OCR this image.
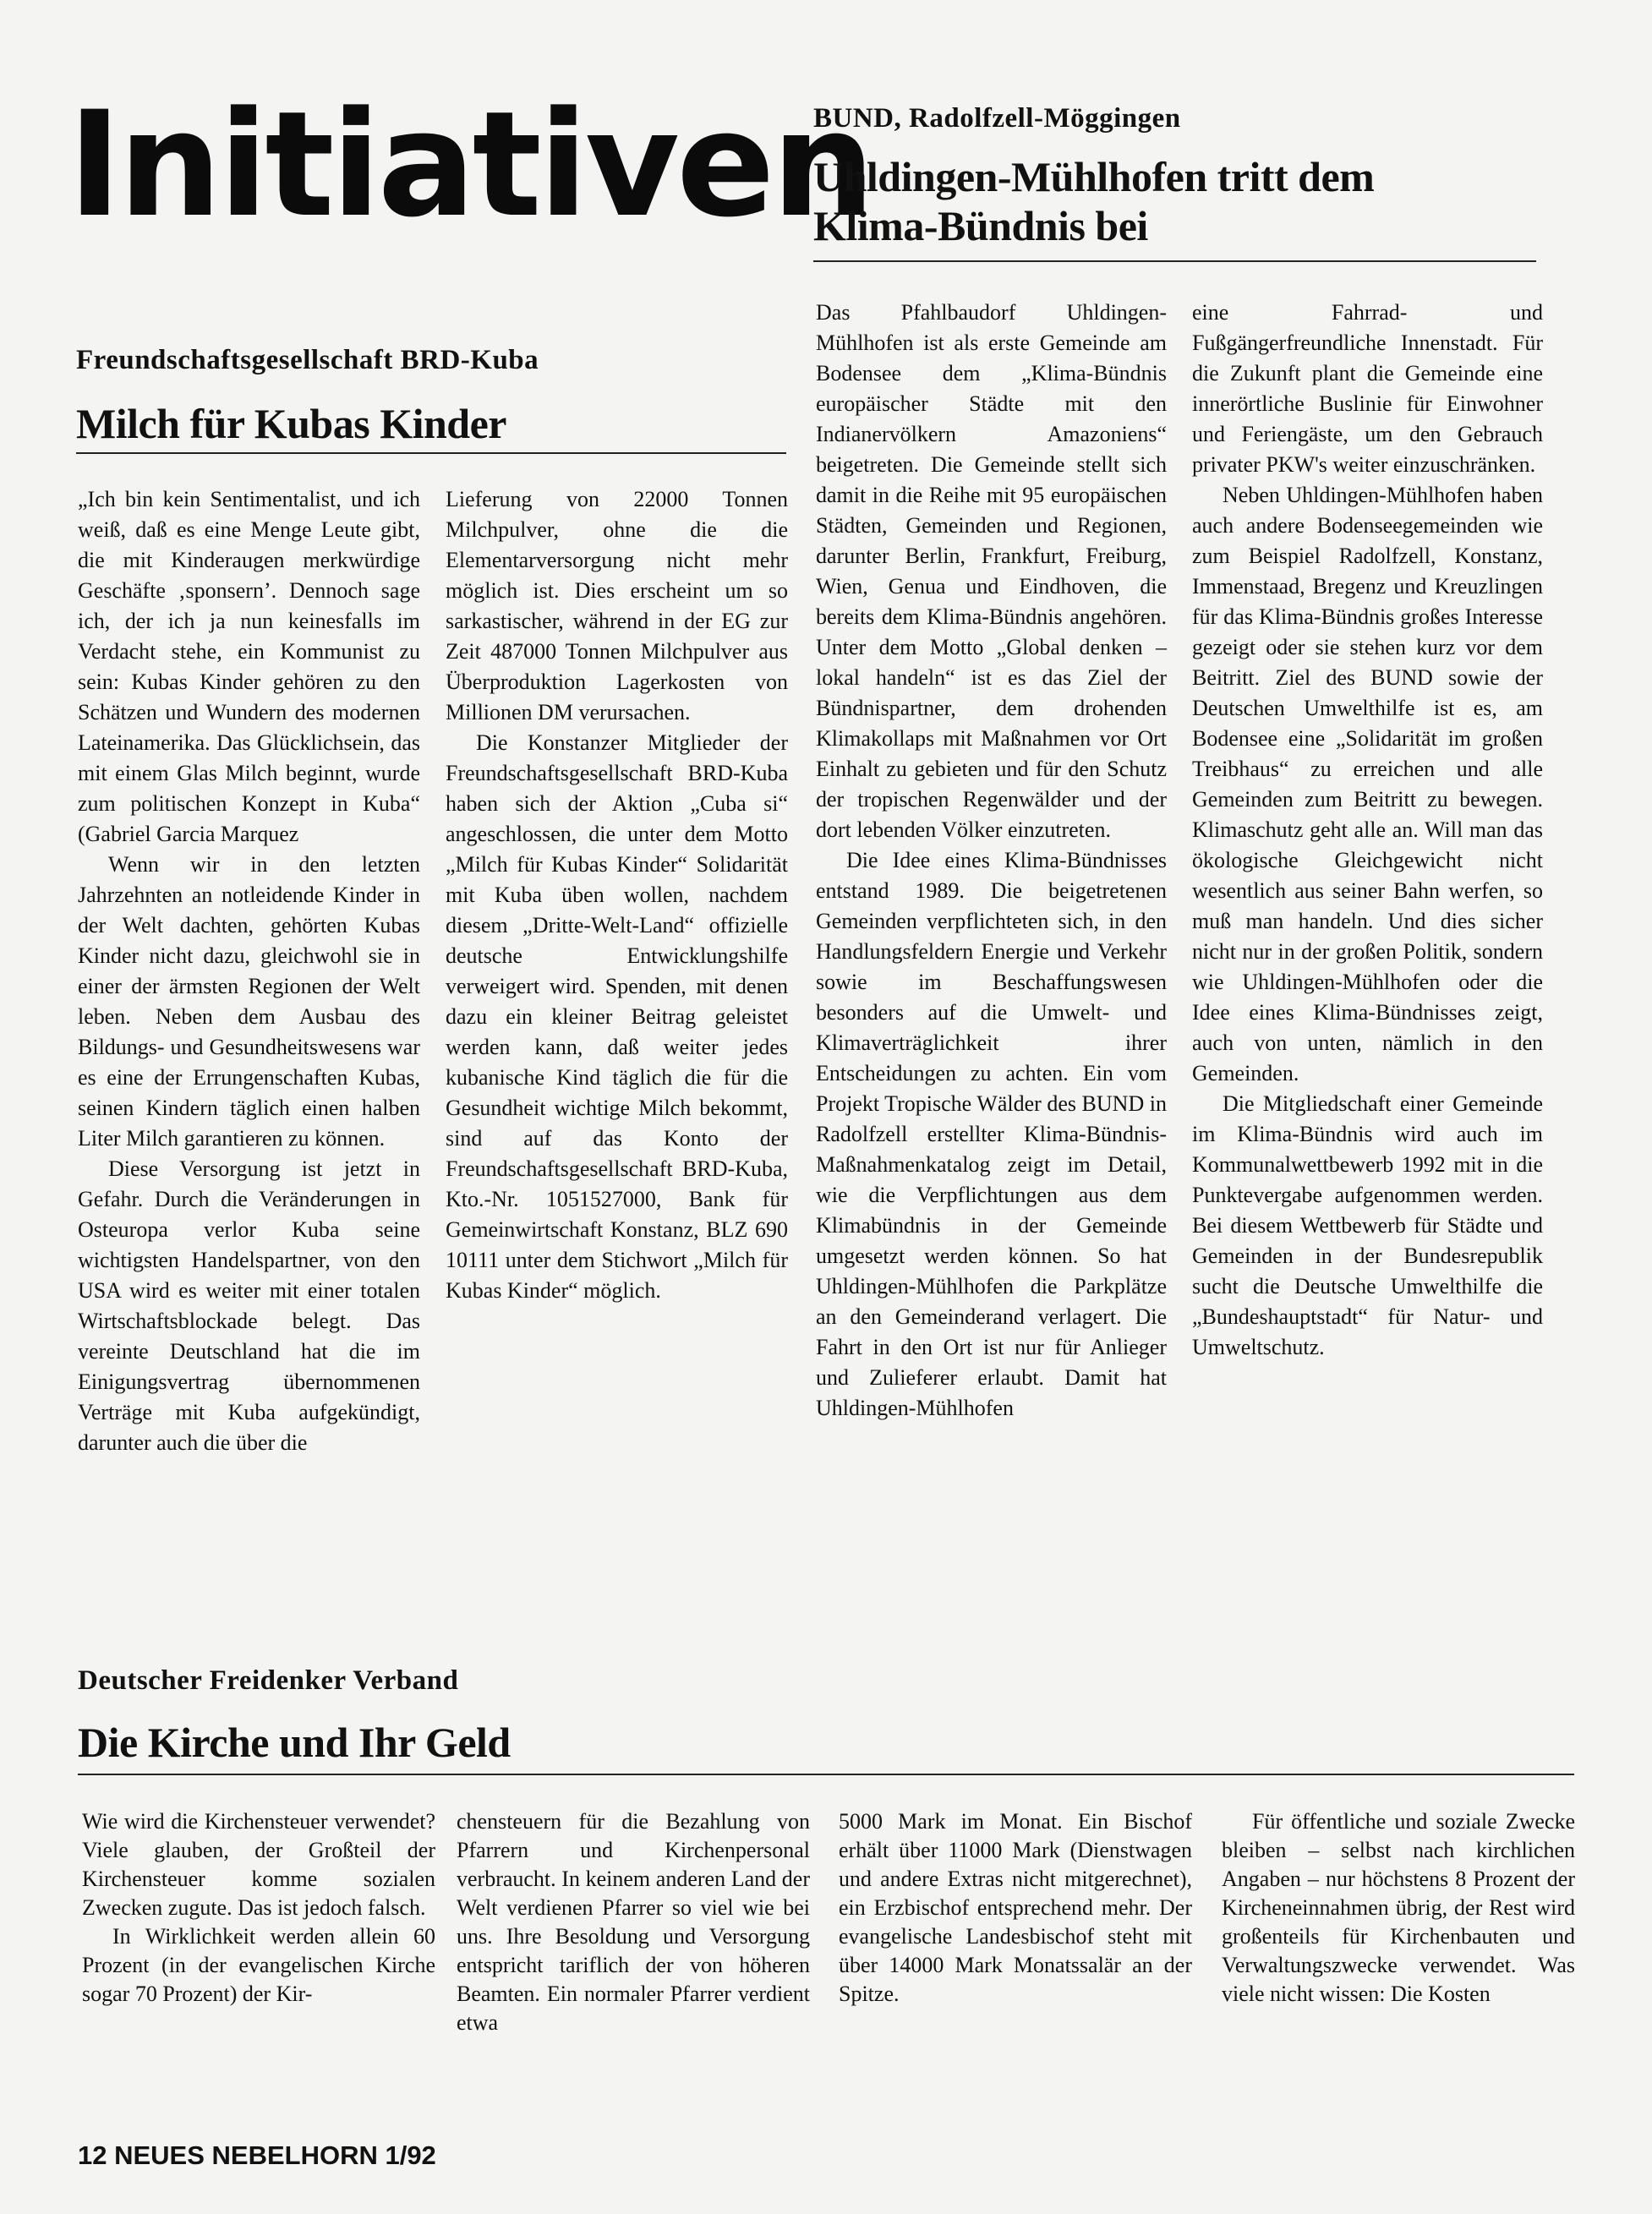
Initiativen
BUND, Radolfzell-Möggingen
Uhldingen-Mühlhofen tritt dem
Klima-Bündnis bei

Das Pfahlbaudorf Uhldingen-Mühlhofen ist als erste Gemeinde am Bodensee dem „Klima-Bündnis europäischer Städte mit den Indianervölkern Amazoniens“ beigetreten. Die Gemeinde stellt sich damit in die Reihe mit 95 europäischen Städten, Gemeinden und Regionen, darunter Berlin, Frankfurt, Freiburg, Wien, Genua und Eindhoven, die bereits dem Klima-Bündnis angehören. Unter dem Motto „Global denken – lokal handeln“ ist es das Ziel der Bündnispartner, dem drohenden Klimakollaps mit Maßnahmen vor Ort Einhalt zu gebieten und für den Schutz der tropischen Regenwälder und der dort lebenden Völker einzutreten.

Die Idee eines Klima-Bündnisses entstand 1989. Die beigetretenen Gemeinden verpflichteten sich, in den Handlungsfeldern Energie und Verkehr sowie im Beschaffungswesen besonders auf die Umwelt- und Klimaverträglichkeit ihrer Entscheidungen zu achten. Ein vom Projekt Tropische Wälder des BUND in Radolfzell erstellter Klima-Bündnis-Maßnahmenkatalog zeigt im Detail, wie die Verpflichtungen aus dem Klimabündnis in der Gemeinde umgesetzt werden können. So hat Uhldingen-Mühlhofen die Parkplätze an den Gemeinderand verlagert. Die Fahrt in den Ort ist nur für Anlieger und Zulieferer erlaubt. Damit hat Uhldingen-Mühlhofen

eine Fahrrad- und Fußgängerfreundliche Innenstadt. Für die Zukunft plant die Gemeinde eine innerörtliche Buslinie für Einwohner und Feriengäste, um den Gebrauch privater PKW's weiter einzuschränken.

Neben Uhldingen-Mühlhofen haben auch andere Bodenseegemeinden wie zum Beispiel Radolfzell, Konstanz, Immenstaad, Bregenz und Kreuzlingen für das Klima-Bündnis großes Interesse gezeigt oder sie stehen kurz vor dem Beitritt. Ziel des BUND sowie der Deutschen Umwelthilfe ist es, am Bodensee eine „Solidarität im großen Treibhaus“ zu erreichen und alle Gemeinden zum Beitritt zu bewegen. Klimaschutz geht alle an. Will man das ökologische Gleichgewicht nicht wesentlich aus seiner Bahn werfen, so muß man handeln. Und dies sicher nicht nur in der großen Politik, sondern wie Uhldingen-Mühlhofen oder die Idee eines Klima-Bündnisses zeigt, auch von unten, nämlich in den Gemeinden.

Die Mitgliedschaft einer Gemeinde im Klima-Bündnis wird auch im Kommunalwettbewerb 1992 mit in die Punktevergabe aufgenommen werden. Bei diesem Wettbewerb für Städte und Gemeinden in der Bundesrepublik sucht die Deutsche Umwelthilfe die „Bundeshauptstadt“ für Natur- und Umweltschutz.

Freundschaftsgesellschaft BRD-Kuba
Milch für Kubas Kinder

„Ich bin kein Sentimentalist, und ich weiß, daß es eine Menge Leute gibt, die mit Kinderaugen merkwürdige Geschäfte ‚sponsern’. Dennoch sage ich, der ich ja nun keinesfalls im Verdacht stehe, ein Kommunist zu sein: Kubas Kinder gehören zu den Schätzen und Wundern des modernen Lateinamerika. Das Glücklichsein, das mit einem Glas Milch beginnt, wurde zum politischen Konzept in Kuba“ (Gabriel Garcia Marquez

Wenn wir in den letzten Jahrzehnten an notleidende Kinder in der Welt dachten, gehörten Kubas Kinder nicht dazu, gleichwohl sie in einer der ärmsten Regionen der Welt leben. Neben dem Ausbau des Bildungs- und Gesundheitswesens war es eine der Errungenschaften Kubas, seinen Kindern täglich einen halben Liter Milch garantieren zu können.

Diese Versorgung ist jetzt in Gefahr. Durch die Veränderungen in Osteuropa verlor Kuba seine wichtigsten Handelspartner, von den USA wird es weiter mit einer totalen Wirtschaftsblockade belegt. Das vereinte Deutschland hat die im Einigungsvertrag übernommenen Verträge mit Kuba aufgekündigt, darunter auch die über die

Lieferung von 22000 Tonnen Milchpulver, ohne die die Elementarversorgung nicht mehr möglich ist. Dies erscheint um so sarkastischer, während in der EG zur Zeit 487000 Tonnen Milchpulver aus Überproduktion Lagerkosten von Millionen DM verursachen.

Die Konstanzer Mitglieder der Freundschaftsgesellschaft BRD-Kuba haben sich der Aktion „Cuba si“ angeschlossen, die unter dem Motto „Milch für Kubas Kinder“ Solidarität mit Kuba üben wollen, nachdem diesem „Dritte-Welt-Land“ offizielle deutsche Entwicklungshilfe verweigert wird. Spenden, mit denen dazu ein kleiner Beitrag geleistet werden kann, daß weiter jedes kubanische Kind täglich die für die Gesundheit wichtige Milch bekommt, sind auf das Konto der Freundschaftsgesellschaft BRD-Kuba, Kto.-Nr. 1051527000, Bank für Gemeinwirtschaft Konstanz, BLZ 690 10111 unter dem Stichwort „Milch für Kubas Kinder“ möglich.

Deutscher Freidenker Verband
Die Kirche und Ihr Geld

Wie wird die Kirchensteuer verwendet? Viele glauben, der Großteil der Kirchensteuer komme sozialen Zwecken zugute. Das ist jedoch falsch.

In Wirklichkeit werden allein 60 Prozent (in der evangelischen Kirche sogar 70 Prozent) der Kir-

chensteuern für die Bezahlung von Pfarrern und Kirchenpersonal verbraucht. In keinem anderen Land der Welt verdienen Pfarrer so viel wie bei uns. Ihre Besoldung und Versorgung entspricht tariflich der von höheren Beamten. Ein normaler Pfarrer verdient etwa

5000 Mark im Monat. Ein Bischof erhält über 11000 Mark (Dienstwagen und andere Extras nicht mitgerechnet), ein Erzbischof entsprechend mehr. Der evangelische Landesbischof steht mit über 14000 Mark Monatssalär an der Spitze.

Für öffentliche und soziale Zwecke bleiben – selbst nach kirchlichen Angaben – nur höchstens 8 Prozent der Kircheneinnahmen übrig, der Rest wird großenteils für Kirchenbauten und Verwaltungszwecke verwendet. Was viele nicht wissen: Die Kosten

12 NEUES NEBELHORN 1/92
